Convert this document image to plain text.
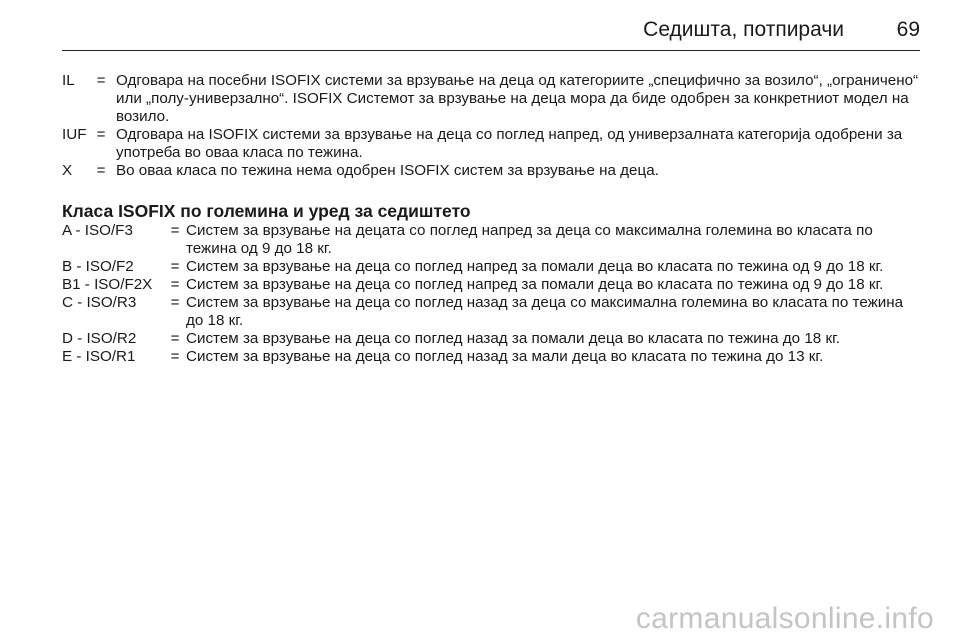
Седишта, потпирачи	69
IL	= Одговара на посебни ISOFIX системи за врзување на деца од категориите „специфично за возило“, „ограничено“ или „полу-универзално“. ISOFIX Системот за врзување на деца мора да биде одобрен за конкретниот модел на возило.
IUF = Одговара на ISOFIX системи за врзување на деца со поглед напред, од универзалната категорија одобрени за употреба во оваа класа по тежина.
X	= Во оваа класа по тежина нема одобрен ISOFIX систем за врзување на деца.
Класа ISOFIX по големина и уред за седиштето
A - ISO/F3	= Систем за врзување на децата со поглед напред за деца со максимална големина во класата по тежина од 9 до 18 кг.
B - ISO/F2	= Систем за врзување на деца со поглед напред за помали деца во класата по тежина од 9 до 18 кг.
B1 - ISO/F2X	= Систем за врзување на деца со поглед напред за помали деца во класата по тежина од 9 до 18 кг.
C - ISO/R3	= Систем за врзување на деца со поглед назад за деца со максимална големина во класата по тежина до 18 кг.
D - ISO/R2	= Систем за врзување на деца со поглед назад за помали деца во класата по тежина до 18 кг.
E - ISO/R1	= Систем за врзување на деца со поглед назад за мали деца во класата по тежина до 13 кг.
carmanualsonline.info
